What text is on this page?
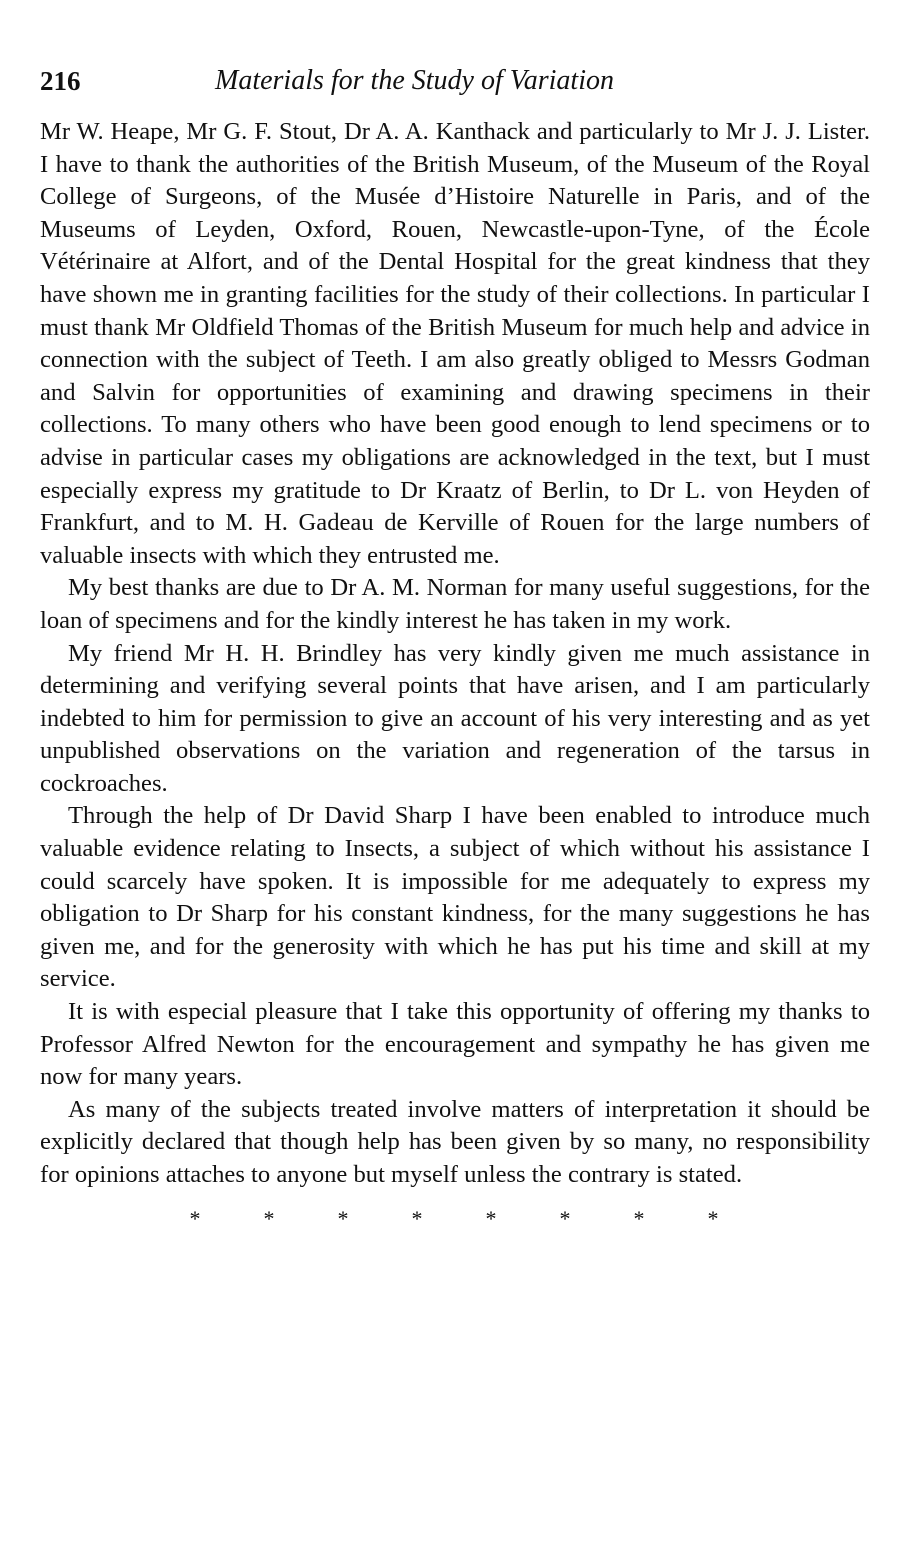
216	Materials for the Study of Variation

Mr W. Heape, Mr G. F. Stout, Dr A. A. Kanthack and particularly to Mr J. J. Lister. I have to thank the authorities of the British Museum, of the Museum of the Royal College of Surgeons, of the Musée d’Histoire Naturelle in Paris, and of the Museums of Leyden, Oxford, Rouen, Newcastle-upon-Tyne, of the École Vétérinaire at Alfort, and of the Dental Hospital for the great kindness that they have shown me in granting facilities for the study of their collections. In particular I must thank Mr Oldfield Thomas of the British Museum for much help and advice in connection with the subject of Teeth. I am also greatly obliged to Messrs Godman and Salvin for opportunities of examining and drawing specimens in their collections. To many others who have been good enough to lend specimens or to advise in particular cases my obligations are acknowledged in the text, but I must especially express my gratitude to Dr Kraatz of Berlin, to Dr L. von Heyden of Frankfurt, and to M. H. Gadeau de Kerville of Rouen for the large numbers of valuable insects with which they entrusted me.

My best thanks are due to Dr A. M. Norman for many useful suggestions, for the loan of specimens and for the kindly interest he has taken in my work.

My friend Mr H. H. Brindley has very kindly given me much assistance in determining and verifying several points that have arisen, and I am particularly indebted to him for permission to give an account of his very interesting and as yet unpublished observations on the variation and regeneration of the tarsus in cockroaches.

Through the help of Dr David Sharp I have been enabled to introduce much valuable evidence relating to Insects, a subject of which without his assistance I could scarcely have spoken. It is impossible for me adequately to express my obligation to Dr Sharp for his constant kindness, for the many suggestions he has given me, and for the generosity with which he has put his time and skill at my service.

It is with especial pleasure that I take this opportunity of offering my thanks to Professor Alfred Newton for the encouragement and sympathy he has given me now for many years.

As many of the subjects treated involve matters of interpretation it should be explicitly declared that though help has been given by so many, no responsibility for opinions attaches to anyone but myself unless the contrary is stated.

*	*	*	*	*	*	*	*
